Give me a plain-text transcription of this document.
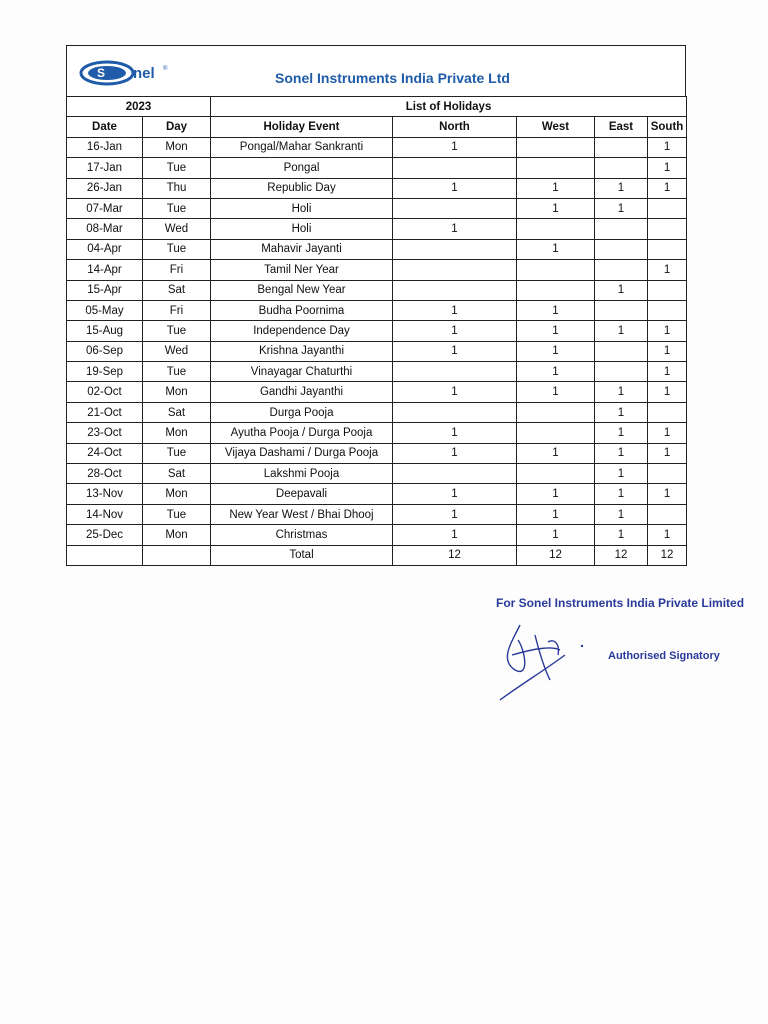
S nel ®
Sonel Instruments India Private Ltd
2023		List of Holidays				
Date	Day	Holiday Event	North	West	East	South
16-Jan	Mon	Pongal/Mahar Sankranti	1			1
17-Jan	Tue	Pongal				1
26-Jan	Thu	Republic Day	1	1	1	1
07-Mar	Tue	Holi		1	1	
08-Mar	Wed	Holi	1			
04-Apr	Tue	Mahavir Jayanti		1		
14-Apr	Fri	Tamil Ner Year				1
15-Apr	Sat	Bengal New Year			1	
05-May	Fri	Budha Poornima	1	1		
15-Aug	Tue	Independence Day	1	1	1	1
06-Sep	Wed	Krishna Jayanthi	1	1		1
19-Sep	Tue	Vinayagar Chaturthi		1		1
02-Oct	Mon	Gandhi Jayanthi	1	1	1	1
21-Oct	Sat	Durga Pooja			1	
23-Oct	Mon	Ayutha Pooja / Durga Pooja	1		1	1
24-Oct	Tue	Vijaya Dashami / Durga Pooja	1	1	1	1
28-Oct	Sat	Lakshmi Pooja			1	
13-Nov	Mon	Deepavali	1	1	1	1
14-Nov	Tue	New Year West / Bhai Dhooj	1	1	1	
25-Dec	Mon	Christmas	1	1	1	1
		Total	12	12	12	12
For Sonel Instruments India Private Limited
Authorised Signatory
